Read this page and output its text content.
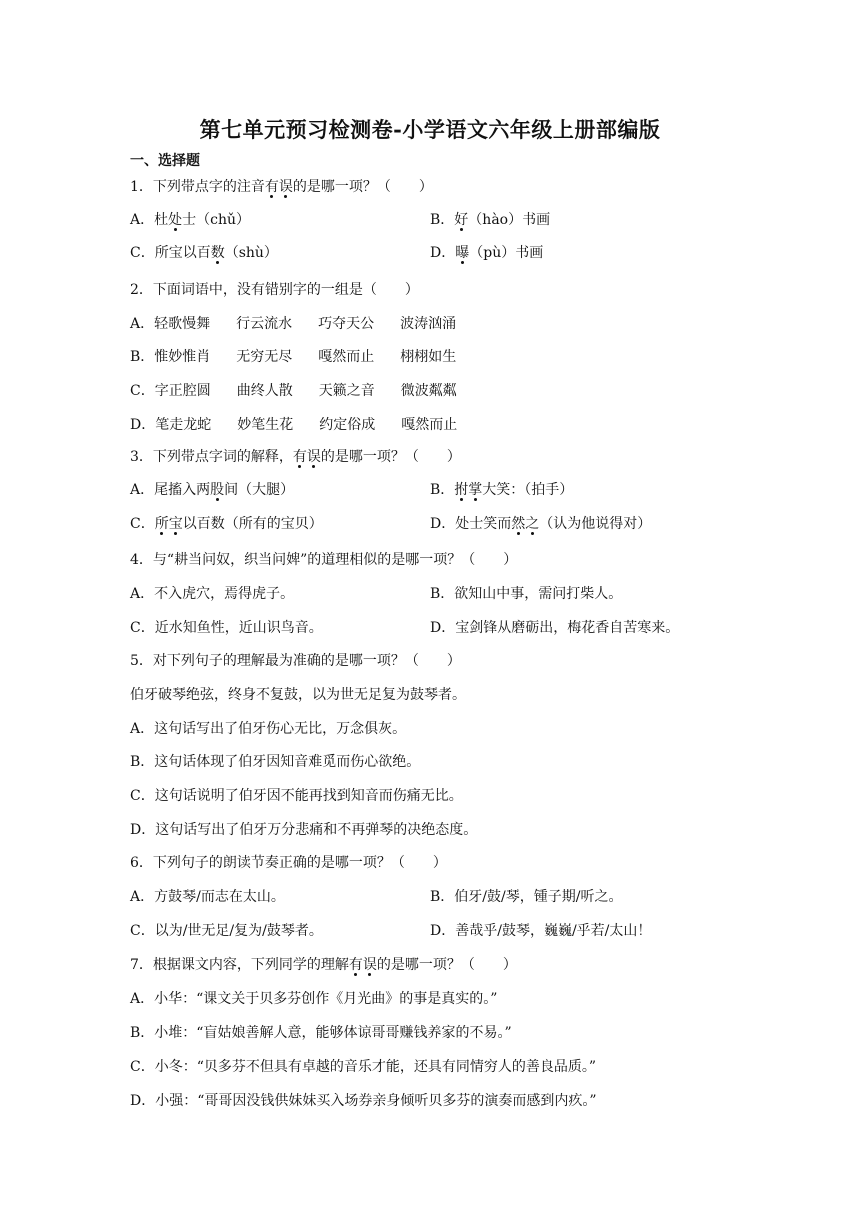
第七单元预习检测卷-小学语文六年级上册部编版
一、选择题
1．下列带点字的注音有误的是哪一项？（　　）
A．杜处士（chǔ）	B．好（hào）书画
C．所宝以百数（shù）	D．曝（pù）书画
2．下面词语中，没有错别字的一组是（　　）
A．轻歌慢舞 行云流水 巧夺天公 波涛汹涌
B．惟妙惟肖 无穷无尽 嘎然而止 栩栩如生
C．字正腔圆 曲终人散 天籁之音 微波粼粼
D．笔走龙蛇 妙笔生花 约定俗成 嘎然而止
3．下列带点字词的解释，有误的是哪一项？（　　）
A．尾搐入两股间（大腿）	B．拊掌大笑：（拍手）
C．所宝以百数（所有的宝贝）	D．处士笑而然之（认为他说得对）
4．与“耕当问奴，织当问婢”的道理相似的是哪一项？（　　）
A．不入虎穴，焉得虎子。	B．欲知山中事，需问打柴人。
C．近水知鱼性，近山识鸟音。	D．宝剑锋从磨砺出，梅花香自苦寒来。
5．对下列句子的理解最为准确的是哪一项？（　　）
伯牙破琴绝弦，终身不复鼓，以为世无足复为鼓琴者。
A．这句话写出了伯牙伤心无比，万念俱灰。
B．这句话体现了伯牙因知音难觅而伤心欲绝。
C．这句话说明了伯牙因不能再找到知音而伤痛无比。
D．这句话写出了伯牙万分悲痛和不再弹琴的决绝态度。
6．下列句子的朗读节奏正确的是哪一项？（　　）
A．方鼓琴/而志在太山。	B．伯牙/鼓/琴，锺子期/听之。
C．以为/世无足/复为/鼓琴者。	D．善哉乎/鼓琴，巍巍/乎若/太山！
7．根据课文内容，下列同学的理解有误的是哪一项？（　　）
A．小华：“课文关于贝多芬创作《月光曲》的事是真实的。”
B．小堆：“盲姑娘善解人意，能够体谅哥哥赚钱养家的不易。”
C．小冬：“贝多芬不但具有卓越的音乐才能，还具有同情穷人的善良品质。”
D．小强：“哥哥因没钱供妹妹买入场券亲身倾听贝多芬的演奏而感到内疚。”
